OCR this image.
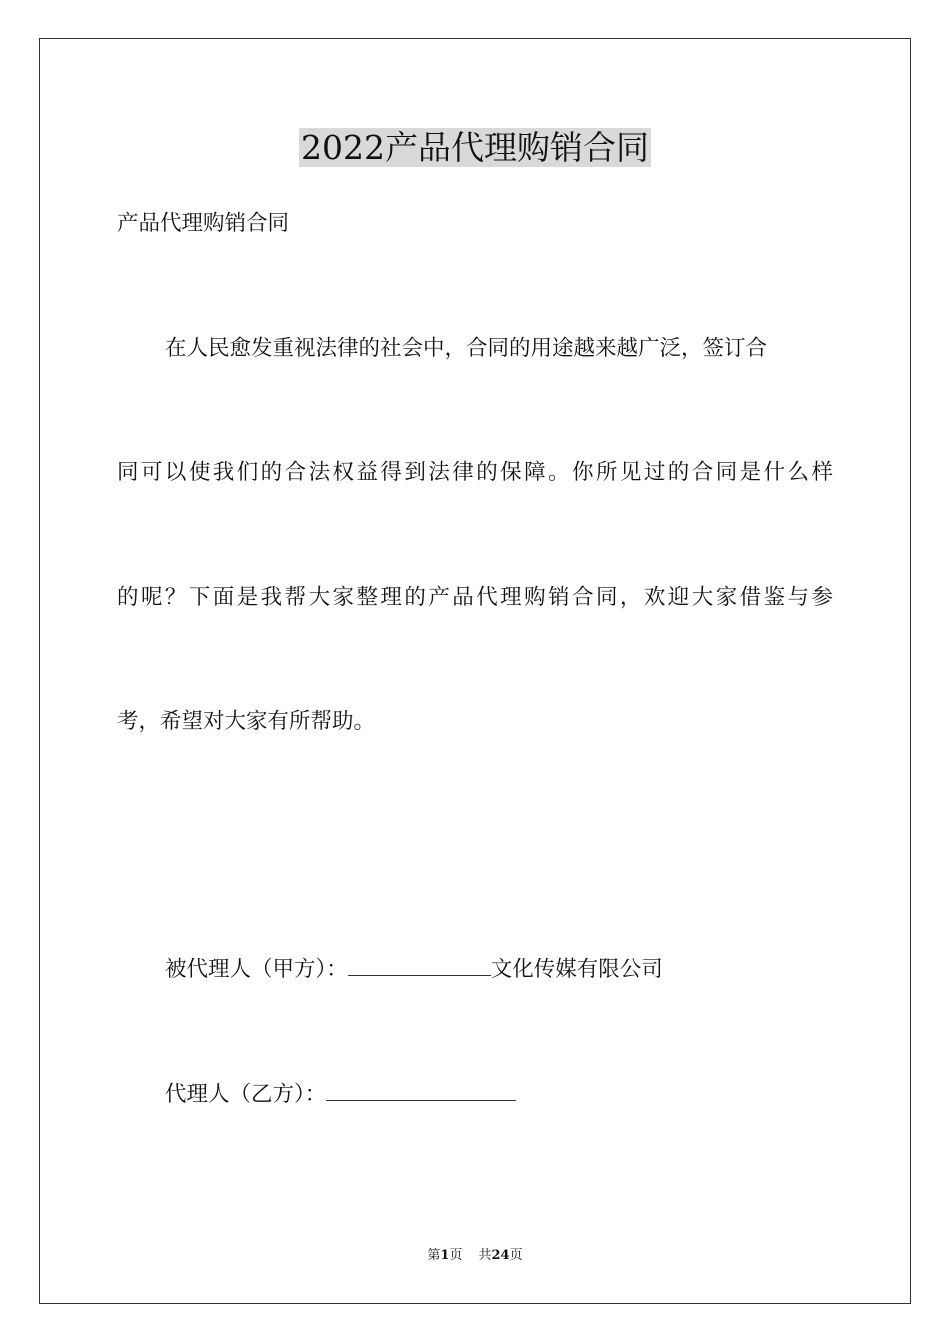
2022产品代理购销合同

产品代理购销合同

在人民愈发重视法律的社会中，合同的用途越来越广泛，签订合

同可以使我们的合法权益得到法律的保障。你所见过的合同是什么样

的呢？下面是我帮大家整理的产品代理购销合同，欢迎大家借鉴与参

考，希望对大家有所帮助。

被代理人（甲方）：	文化传媒有限公司

代理人（乙方）：

第1页 共24页
